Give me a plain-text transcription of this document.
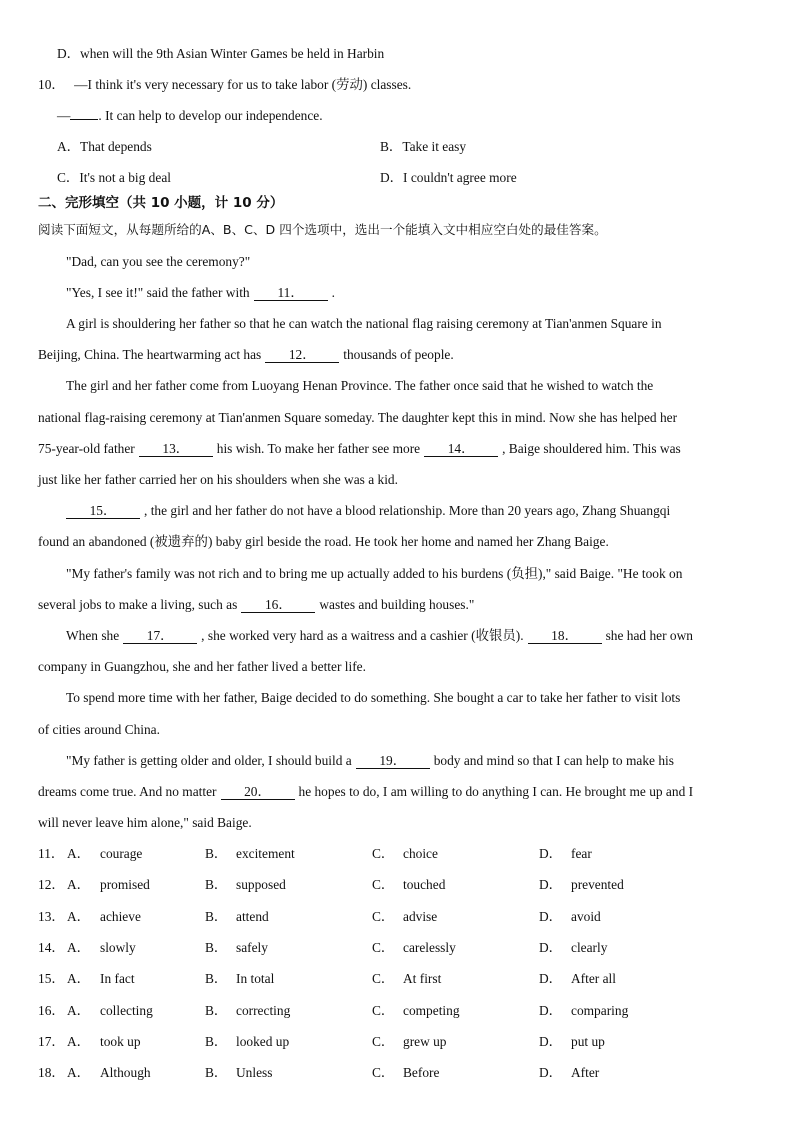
D．when will the 9th Asian Winter Games be held in Harbin
10． —I think it's very necessary for us to take labor (劳动) classes.
— . It can help to develop our independence.
A．That depends	B．Take it easy
C．It's not a big deal	D．I couldn't agree more
二、完形填空（共 10 小题，计 10 分）
阅读下面短文，从每题所给的A、B、C、D 四个选项中，选出一个能填入文中相应空白处的最佳答案。
"Dad, can you see the ceremony?"
"Yes, I see it!" said the father with 11． .
A girl is shouldering her father so that he can watch the national flag raising ceremony at Tian'anmen Square in
Beijing, China. The heartwarming act has 12． thousands of people.
The girl and her father come from Luoyang Henan Province. The father once said that he wished to watch the
national flag-raising ceremony at Tian'anmen Square someday. The daughter kept this in mind. Now she has helped her
75-year-old father 13． his wish. To make her father see more 14． , Baige shouldered him. This was
just like her father carried her on his shoulders when she was a kid.
15． , the girl and her father do not have a blood relationship. More than 20 years ago, Zhang Shuangqi
found an abandoned (被遗弃的) baby girl beside the road. He took her home and named her Zhang Baige.
"My father's family was not rich and to bring me up actually added to his burdens (负担)," said Baige. "He took on
several jobs to make a living, such as 16． wastes and building houses."
When she 17． , she worked very hard as a waitress and a cashier (收银员). 18． she had her own
company in Guangzhou, she and her father lived a better life.
To spend more time with her father, Baige decided to do something. She bought a car to take her father to visit lots
of cities around China.
"My father is getting older and older, I should build a 19． body and mind so that I can help to make his
dreams come true. And no matter 20． he hopes to do, I am willing to do anything I can. He brought me up and I
will never leave him alone," said Baige.
11． A． courage	B． excitement	C． choice	D． fear
12． A． promised	B． supposed	C． touched	D． prevented
13． A． achieve	B． attend	C． advise	D． avoid
14． A． slowly	B． safely	C． carelessly	D． clearly
15． A． In fact	B． In total	C． At first	D． After all
16． A． collecting	B． correcting	C． competing	D． comparing
17． A． took up	B． looked up	C． grew up	D． put up
18． A． Although	B． Unless	C． Before	D． After
